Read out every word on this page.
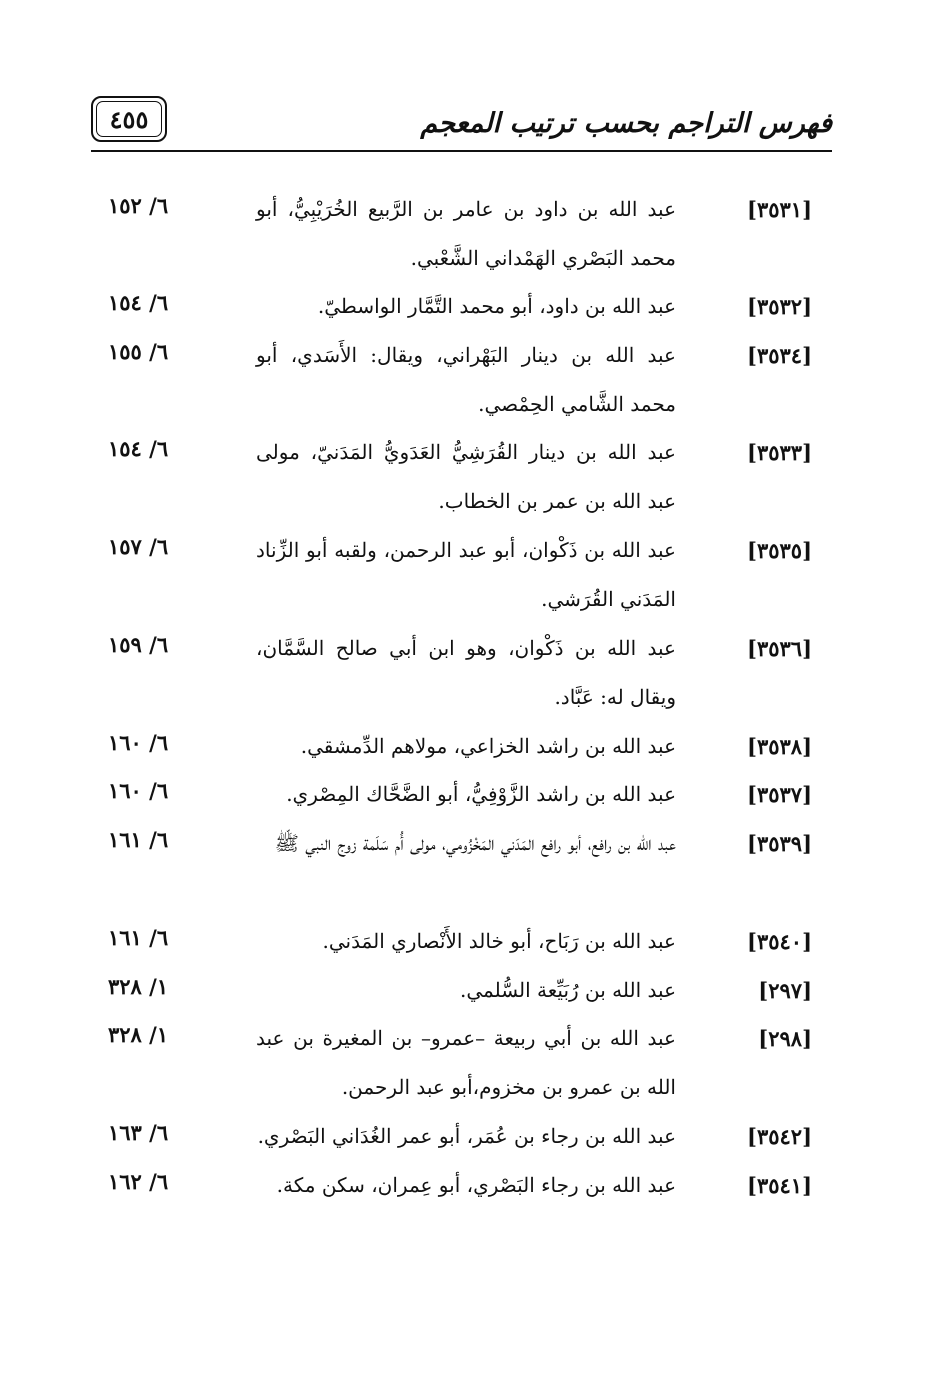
فهرس التراجم بحسب ترتيب المعجم
٤٥٥
[٣٥٣١]
عبد الله بن داود بن عامر بن الرَّبيع الخُرَيْبِيُّ، أبو محمد البَصْري الهَمْداني الشَّعْبي.
٦/ ١٥٢
[٣٥٣٢]
عبد الله بن داود، أبو محمد التَّمَّار الواسطيّ.
٦/ ١٥٤
[٣٥٣٤]
عبد الله بن دينار البَهْراني، ويقال: الأَسَدي، أبو محمد الشَّامي الحِمْصي.
٦/ ١٥٥
[٣٥٣٣]
عبد الله بن دينار القُرَشِيُّ العَدَويُّ المَدَنيّ، مولى عبد الله بن عمر بن الخطاب.
٦/ ١٥٤
[٣٥٣٥]
عبد الله بن ذَكْوان، أبو عبد الرحمن، ولقبه أبو الزِّناد المَدَني القُرَشي.
٦/ ١٥٧
[٣٥٣٦]
عبد الله بن ذَكْوان، وهو ابن أبي صالح السَّمَّان، ويقال له: عَبَّاد.
٦/ ١٥٩
[٣٥٣٨]
عبد الله بن راشد الخزاعي، مولاهم الدِّمشقي.
٦/ ١٦٠
[٣٥٣٧]
عبد الله بن راشد الزَّوْفِيُّ، أبو الضَّحَّاك المِصْري.
٦/ ١٦٠
[٣٥٣٩]
عبد الله بن رافع، أبو رافع المَدَني المَخْزُومي، مولى أُم سَلَمة زوج النبي ﷺ
٦/ ١٦١
[٣٥٤٠]
عبد الله بن رَبَاح، أبو خالد الأَنْصاري المَدَني.
٦/ ١٦١
[٢٩٧]
عبد الله بن رُبَيِّعة السُّلمي.
١/ ٣٢٨
[٢٩٨]
عبد الله بن أبي ربيعة –عمرو– بن المغيرة بن عبد الله بن عمرو بن مخزوم،أبو عبد الرحمن.
١/ ٣٢٨
[٣٥٤٢]
عبد الله بن رجاء بن عُمَر، أبو عمر الغُدَاني البَصْري.
٦/ ١٦٣
[٣٥٤١]
عبد الله بن رجاء البَصْري، أبو عِمران، سكن مكة.
٦/ ١٦٢
